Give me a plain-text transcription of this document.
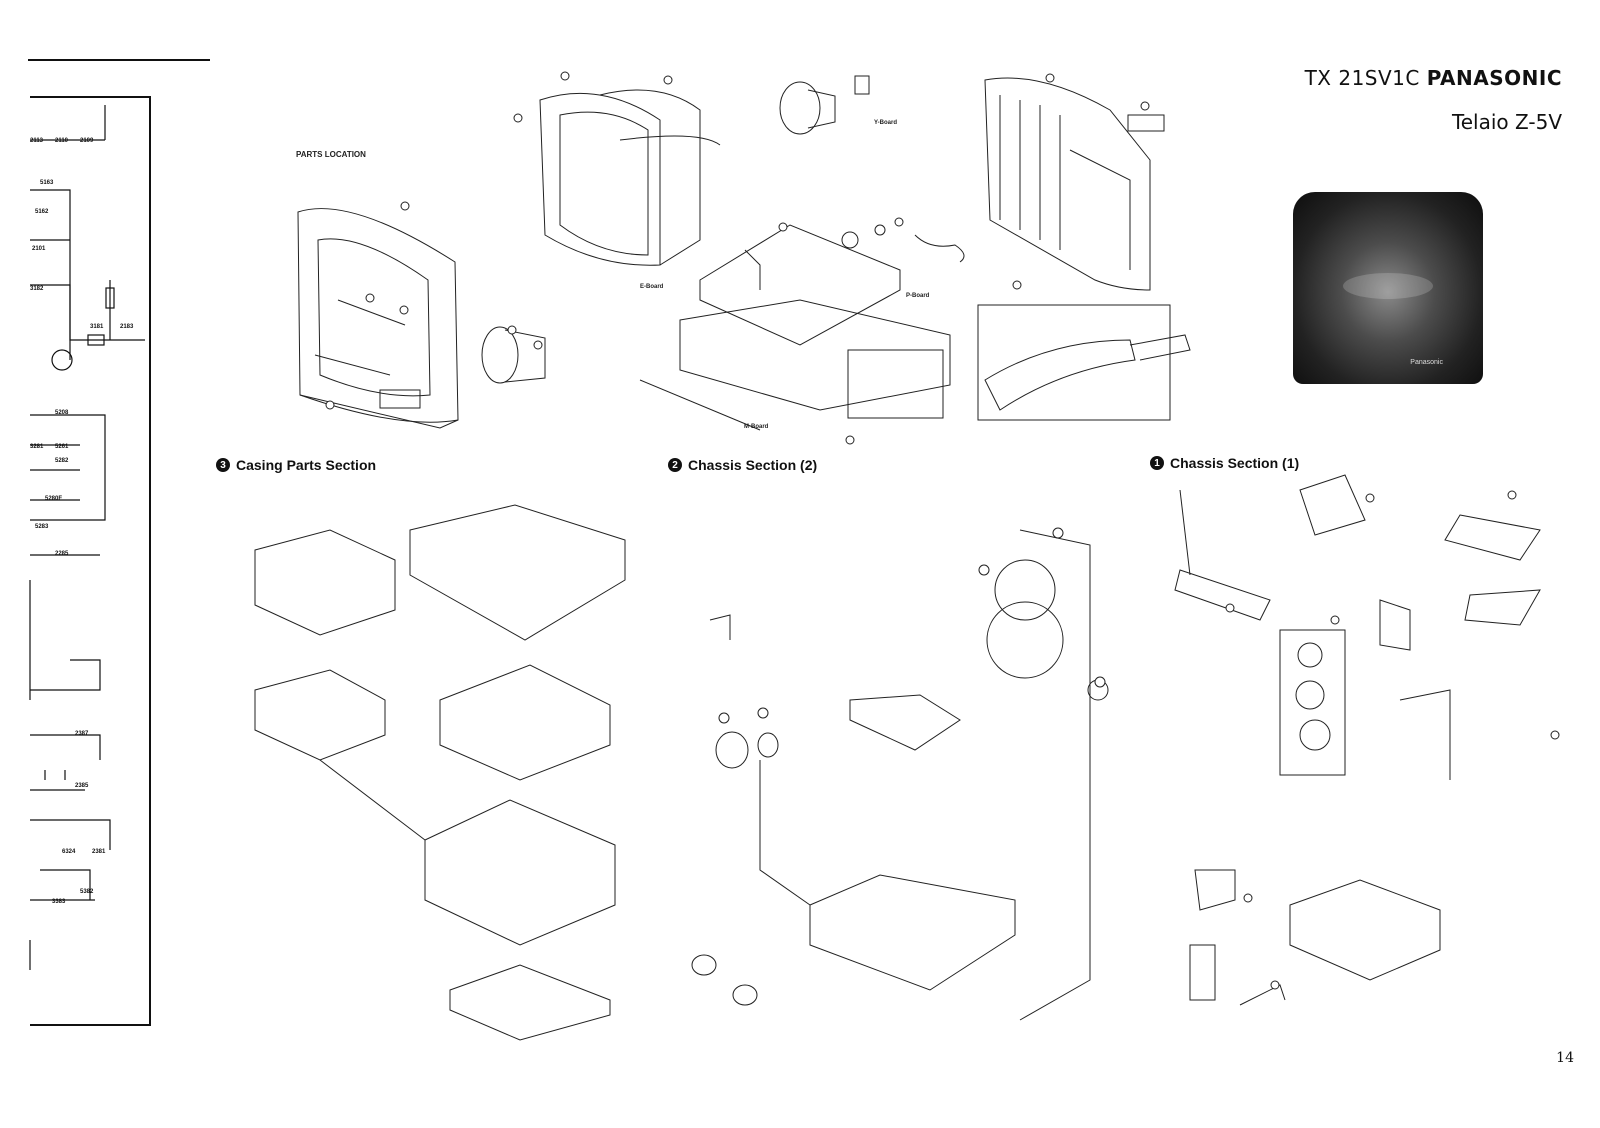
TX 21SV1C PANASONIC
Telaio Z-5V
Panasonic
2113 2110 2109
5163
5162
2101
3182
3181	2183
5208
3281 5261
5282
5280F
5283
2285
2387
2385
6324	2381
3383
5382
PARTS LOCATION
Y-Board
E-Board
P-Board
M-Board
3 Casing Parts Section	2 Chassis Section (2)	1 Chassis Section (1)
14
